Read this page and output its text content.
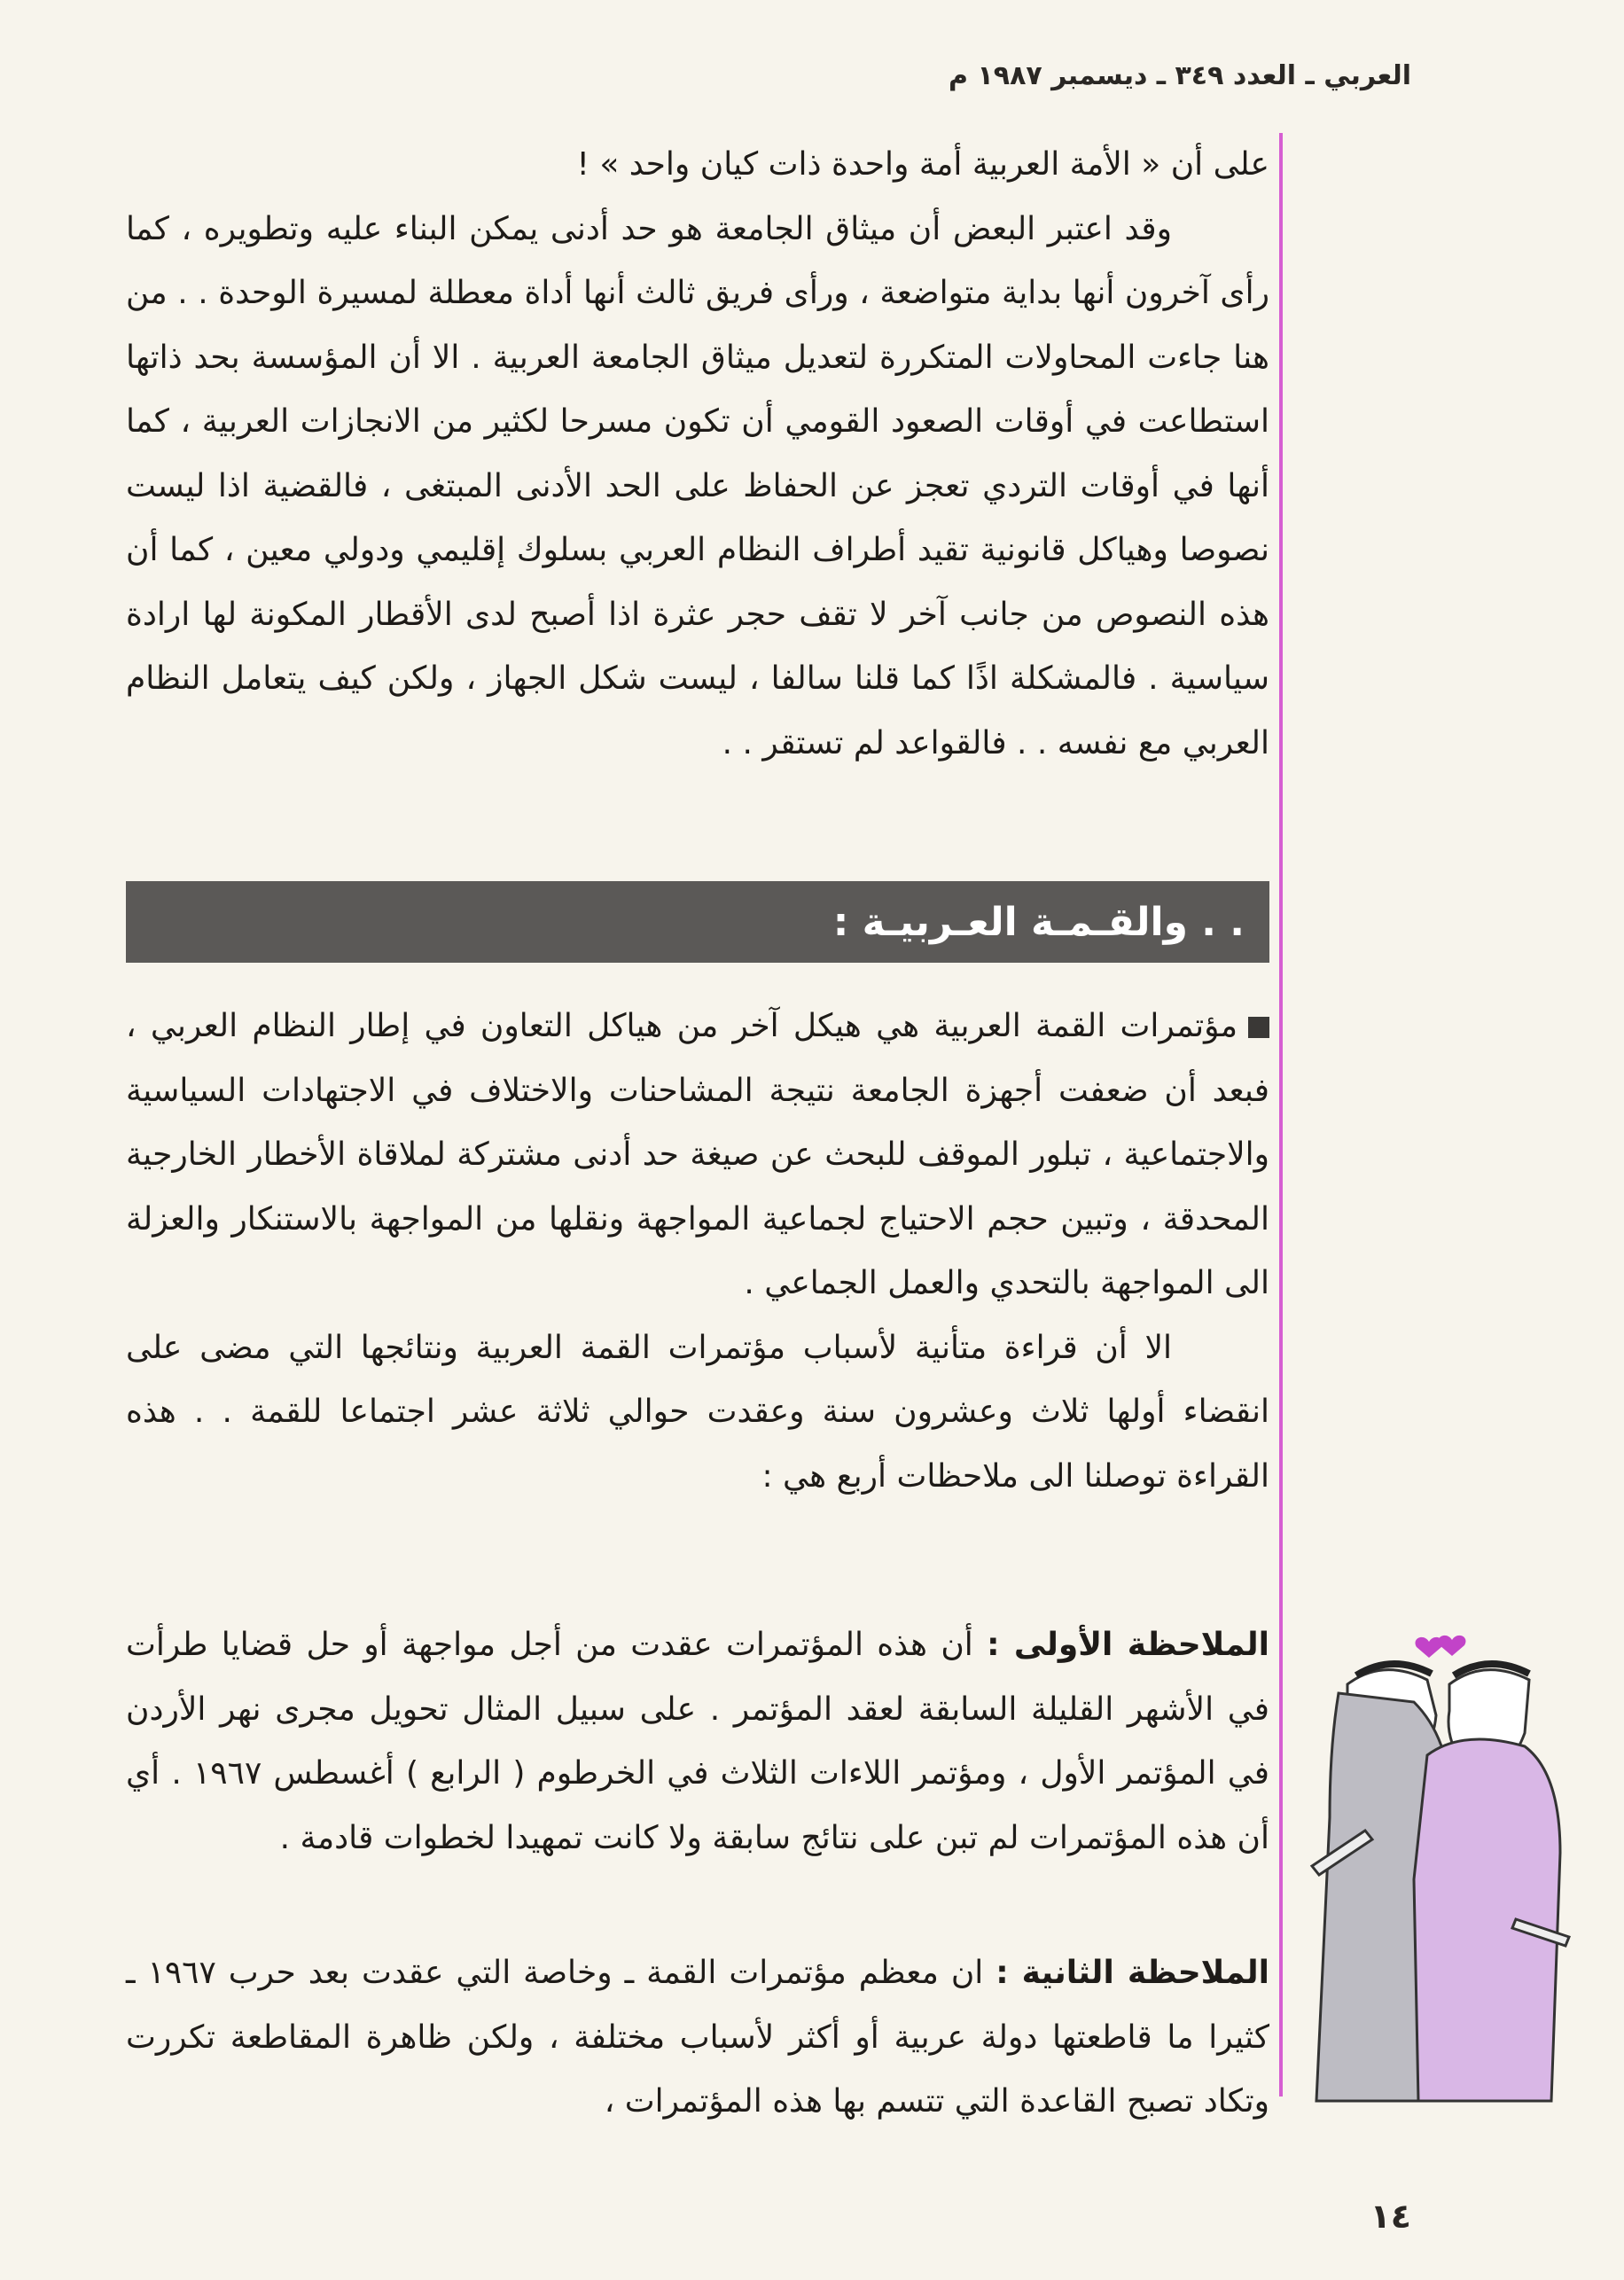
العربي ـ العدد ٣٤٩ ـ ديسمبر ١٩٨٧ م

على أن « الأمة العربية أمة واحدة ذات كيان واحد » !

وقد اعتبر البعض أن ميثاق الجامعة هو حد أدنى يمكن البناء عليه وتطويره ، كما رأى آخرون أنها بداية متواضعة ، ورأى فريق ثالث أنها أداة معطلة لمسيرة الوحدة . . من هنا جاءت المحاولات المتكررة لتعديل ميثاق الجامعة العربية . الا أن المؤسسة بحد ذاتها استطاعت في أوقات الصعود القومي أن تكون مسرحا لكثير من الانجازات العربية ، كما أنها في أوقات التردي تعجز عن الحفاظ على الحد الأدنى المبتغى ، فالقضية اذا ليست نصوصا وهياكل قانونية تقيد أطراف النظام العربي بسلوك إقليمي ودولي معين ، كما أن هذه النصوص من جانب آخر لا تقف حجر عثرة اذا أصبح لدى الأقطار المكونة لها ارادة سياسية . فالمشكلة اذًا كما قلنا سالفا ، ليست شكل الجهاز ، ولكن كيف يتعامل النظام العربي مع نفسه . . فالقواعد لم تستقر . .

. . والقـمـة العـربيـة :

مؤتمرات القمة العربية هي هيكل آخر من هياكل التعاون في إطار النظام العربي ، فبعد أن ضعفت أجهزة الجامعة نتيجة المشاحنات والاختلاف في الاجتهادات السياسية والاجتماعية ، تبلور الموقف للبحث عن صيغة حد أدنى مشتركة لملاقاة الأخطار الخارجية المحدقة ، وتبين حجم الاحتياج لجماعية المواجهة ونقلها من المواجهة بالاستنكار والعزلة الى المواجهة بالتحدي والعمل الجماعي .

الا أن قراءة متأنية لأسباب مؤتمرات القمة العربية ونتائجها التي مضى على انقضاء أولها ثلاث وعشرون سنة وعقدت حوالي ثلاثة عشر اجتماعا للقمة . . هذه القراءة توصلنا الى ملاحظات أربع هي :

الملاحظة الأولى : أن هذه المؤتمرات عقدت من أجل مواجهة أو حل قضايا طرأت في الأشهر القليلة السابقة لعقد المؤتمر . على سبيل المثال تحويل مجرى نهر الأردن في المؤتمر الأول ، ومؤتمر اللاءات الثلاث في الخرطوم ( الرابع ) أغسطس ١٩٦٧ . أي أن هذه المؤتمرات لم تبن على نتائج سابقة ولا كانت تمهيدا لخطوات قادمة .

الملاحظة الثانية : ان معظم مؤتمرات القمة ـ وخاصة التي عقدت بعد حرب ١٩٦٧ ـ كثيرا ما قاطعتها دولة عربية أو أكثر لأسباب مختلفة ، ولكن ظاهرة المقاطعة تكررت وتكاد تصبح القاعدة التي تتسم بها هذه المؤتمرات ،

١٤
